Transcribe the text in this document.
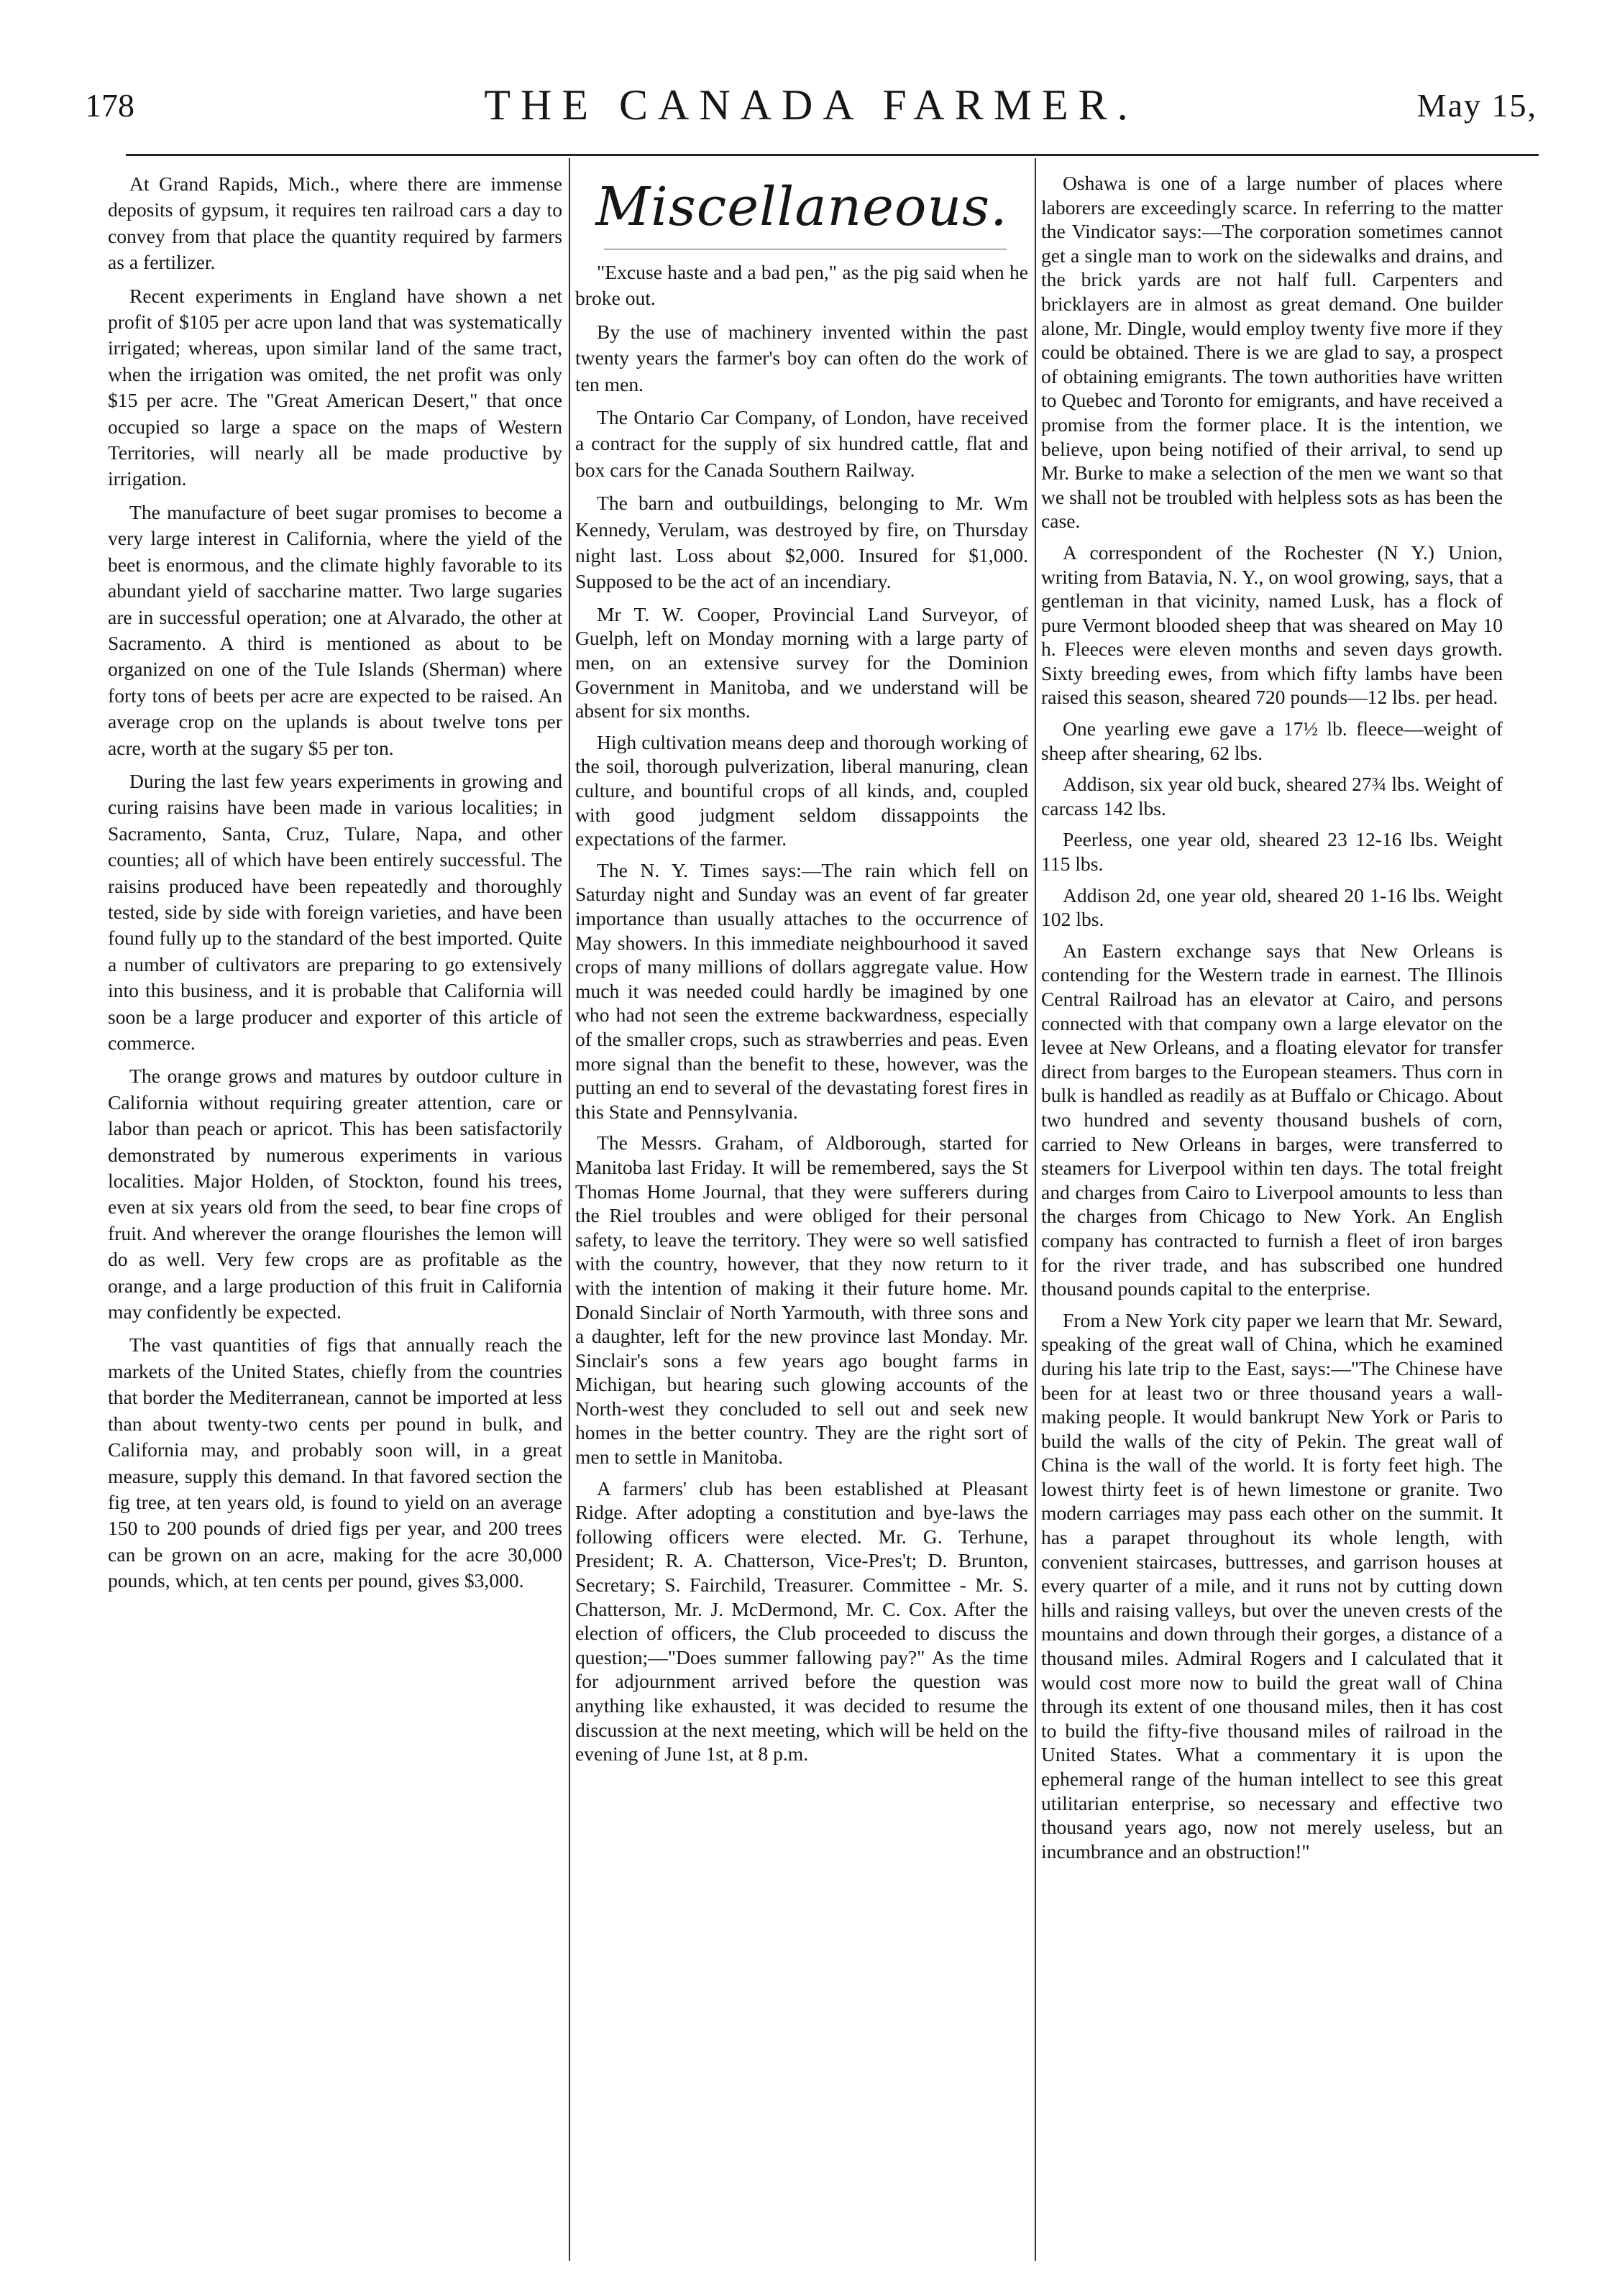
178	THE CANADA FARMER.	May 15,

At Grand Rapids, Mich., where there are immense deposits of gypsum, it requires ten railroad cars a day to convey from that place the quantity required by farmers as a fertilizer.

Recent experiments in England have shown a net profit of $105 per acre upon land that was systematically irrigated; whereas, upon similar land of the same tract, when the irrigation was omited, the net profit was only $15 per acre. The "Great American Desert," that once occupied so large a space on the maps of Western Territories, will nearly all be made productive by irrigation.

The manufacture of beet sugar promises to become a very large interest in California, where the yield of the beet is enormous, and the climate highly favorable to its abundant yield of saccharine matter. Two large sugaries are in successful operation; one at Alvarado, the other at Sacramento. A third is mentioned as about to be organized on one of the Tule Islands (Sherman) where forty tons of beets per acre are expected to be raised. An average crop on the uplands is about twelve tons per acre, worth at the sugary $5 per ton.

During the last few years experiments in growing and curing raisins have been made in various localities; in Sacramento, Santa, Cruz, Tulare, Napa, and other counties; all of which have been entirely successful. The raisins produced have been repeatedly and thoroughly tested, side by side with foreign varieties, and have been found fully up to the standard of the best imported. Quite a number of cultivators are preparing to go extensively into this business, and it is probable that California will soon be a large producer and exporter of this article of commerce.

The orange grows and matures by outdoor culture in California without requiring greater attention, care or labor than peach or apricot. This has been satisfactorily demonstrated by numerous experiments in various localities. Major Holden, of Stockton, found his trees, even at six years old from the seed, to bear fine crops of fruit. And wherever the orange flourishes the lemon will do as well. Very few crops are as profitable as the orange, and a large production of this fruit in California may confidently be expected.

The vast quantities of figs that annually reach the markets of the United States, chiefly from the countries that border the Mediterranean, cannot be imported at less than about twenty-two cents per pound in bulk, and California may, and probably soon will, in a great measure, supply this demand. In that favored section the fig tree, at ten years old, is found to yield on an average 150 to 200 pounds of dried figs per year, and 200 trees can be grown on an acre, making for the acre 30,000 pounds, which, at ten cents per pound, gives $3,000.

Miscellaneous.

"Excuse haste and a bad pen," as the pig said when he broke out.

By the use of machinery invented within the past twenty years the farmer's boy can often do the work of ten men.

The Ontario Car Company, of London, have received a contract for the supply of six hundred cattle, flat and box cars for the Canada Southern Railway.

The barn and outbuildings, belonging to Mr. Wm Kennedy, Verulam, was destroyed by fire, on Thursday night last. Loss about $2,000. Insured for $1,000. Supposed to be the act of an incendiary.

Mr T. W. Cooper, Provincial Land Surveyor, of Guelph, left on Monday morning with a large party of men, on an extensive survey for the Dominion Government in Manitoba, and we understand will be absent for six months.

High cultivation means deep and thorough working of the soil, thorough pulverization, liberal manuring, clean culture, and bountiful crops of all kinds, and, coupled with good judgment seldom dissappoints the expectations of the farmer.

The N. Y. Times says:—The rain which fell on Saturday night and Sunday was an event of far greater importance than usually attaches to the occurrence of May showers. In this immediate neighbourhood it saved crops of many millions of dollars aggregate value. How much it was needed could hardly be imagined by one who had not seen the extreme backwardness, especially of the smaller crops, such as strawberries and peas. Even more signal than the benefit to these, however, was the putting an end to several of the devastating forest fires in this State and Pennsylvania.

The Messrs. Graham, of Aldborough, started for Manitoba last Friday. It will be remembered, says the St Thomas Home Journal, that they were sufferers during the Riel troubles and were obliged for their personal safety, to leave the territory. They were so well satisfied with the country, however, that they now return to it with the intention of making it their future home. Mr. Donald Sinclair of North Yarmouth, with three sons and a daughter, left for the new province last Monday. Mr. Sinclair's sons a few years ago bought farms in Michigan, but hearing such glowing accounts of the North-west they concluded to sell out and seek new homes in the better country. They are the right sort of men to settle in Manitoba.

A farmers' club has been established at Pleasant Ridge. After adopting a constitution and bye-laws the following officers were elected. Mr. G. Terhune, President; R. A. Chatterson, Vice-Pres't; D. Brunton, Secretary; S. Fairchild, Treasurer. Committee - Mr. S. Chatterson, Mr. J. McDermond, Mr. C. Cox. After the election of officers, the Club proceeded to discuss the question;—"Does summer fallowing pay?" As the time for adjournment arrived before the question was anything like exhausted, it was decided to resume the discussion at the next meeting, which will be held on the evening of June 1st, at 8 p.m.

Oshawa is one of a large number of places where laborers are exceedingly scarce. In referring to the matter the Vindicator says:—The corporation sometimes cannot get a single man to work on the sidewalks and drains, and the brick yards are not half full. Carpenters and bricklayers are in almost as great demand. One builder alone, Mr. Dingle, would employ twenty five more if they could be obtained. There is we are glad to say, a prospect of obtaining emigrants. The town authorities have written to Quebec and Toronto for emigrants, and have received a promise from the former place. It is the intention, we believe, upon being notified of their arrival, to send up Mr. Burke to make a selection of the men we want so that we shall not be troubled with helpless sots as has been the case.

A correspondent of the Rochester (N Y.) Union, writing from Batavia, N. Y., on wool growing, says, that a gentleman in that vicinity, named Lusk, has a flock of pure Vermont blooded sheep that was sheared on May 10 h. Fleeces were eleven months and seven days growth. Sixty breeding ewes, from which fifty lambs have been raised this season, sheared 720 pounds—12 lbs. per head.

One yearling ewe gave a 17½ lb. fleece—weight of sheep after shearing, 62 lbs.

Addison, six year old buck, sheared 27¾ lbs. Weight of carcass 142 lbs.

Peerless, one year old, sheared 23 12-16 lbs. Weight 115 lbs.

Addison 2d, one year old, sheared 20 1-16 lbs. Weight 102 lbs.

An Eastern exchange says that New Orleans is contending for the Western trade in earnest. The Illinois Central Railroad has an elevator at Cairo, and persons connected with that company own a large elevator on the levee at New Orleans, and a floating elevator for transfer direct from barges to the European steamers. Thus corn in bulk is handled as readily as at Buffalo or Chicago. About two hundred and seventy thousand bushels of corn, carried to New Orleans in barges, were transferred to steamers for Liverpool within ten days. The total freight and charges from Cairo to Liverpool amounts to less than the charges from Chicago to New York. An English company has contracted to furnish a fleet of iron barges for the river trade, and has subscribed one hundred thousand pounds capital to the enterprise.

From a New York city paper we learn that Mr. Seward, speaking of the great wall of China, which he examined during his late trip to the East, says:—"The Chinese have been for at least two or three thousand years a wall-making people. It would bankrupt New York or Paris to build the walls of the city of Pekin. The great wall of China is the wall of the world. It is forty feet high. The lowest thirty feet is of hewn limestone or granite. Two modern carriages may pass each other on the summit. It has a parapet throughout its whole length, with convenient staircases, buttresses, and garrison houses at every quarter of a mile, and it runs not by cutting down hills and raising valleys, but over the uneven crests of the mountains and down through their gorges, a distance of a thousand miles. Admiral Rogers and I calculated that it would cost more now to build the great wall of China through its extent of one thousand miles, then it has cost to build the fifty-five thousand miles of railroad in the United States. What a commentary it is upon the ephemeral range of the human intellect to see this great utilitarian enterprise, so necessary and effective two thousand years ago, now not merely useless, but an incumbrance and an obstruction!"
